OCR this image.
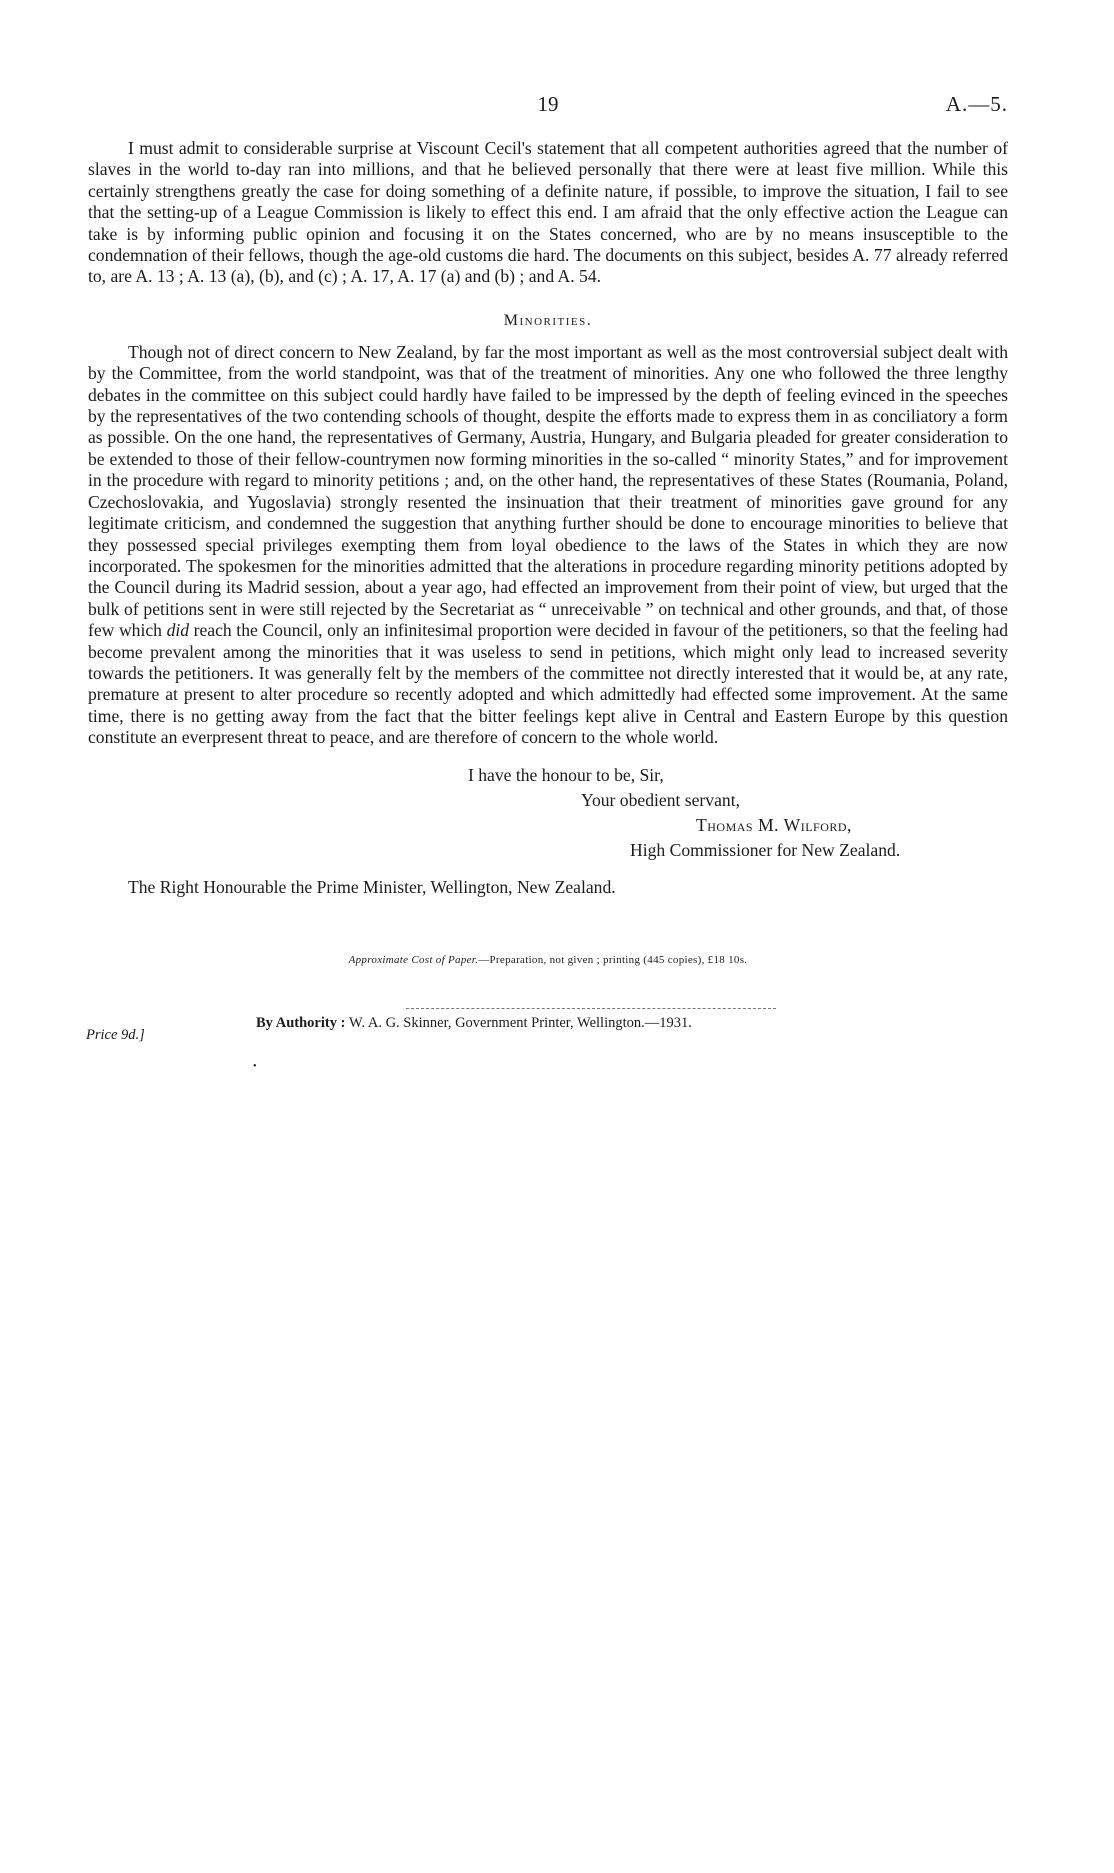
19	A.—5.

I must admit to considerable surprise at Viscount Cecil's statement that all competent authorities agreed that the number of slaves in the world to-day ran into millions, and that he believed personally that there were at least five million. While this certainly strengthens greatly the case for doing something of a definite nature, if possible, to improve the situation, I fail to see that the setting-up of a League Commission is likely to effect this end. I am afraid that the only effective action the League can take is by informing public opinion and focusing it on the States concerned, who are by no means insusceptible to the condemnation of their fellows, though the age-old customs die hard. The documents on this subject, besides A. 77 already referred to, are A. 13 ; A. 13 (a), (b), and (c) ; A. 17, A. 17 (a) and (b) ; and A. 54.

Minorities.

Though not of direct concern to New Zealand, by far the most important as well as the most controversial subject dealt with by the Committee, from the world standpoint, was that of the treatment of minorities. Any one who followed the three lengthy debates in the committee on this subject could hardly have failed to be impressed by the depth of feeling evinced in the speeches by the representatives of the two contending schools of thought, despite the efforts made to express them in as conciliatory a form as possible. On the one hand, the representatives of Germany, Austria, Hungary, and Bulgaria pleaded for greater consideration to be extended to those of their fellow-countrymen now forming minorities in the so-called “ minority States,” and for improvement in the procedure with regard to minority petitions ; and, on the other hand, the representatives of these States (Roumania, Poland, Czechoslovakia, and Yugoslavia) strongly resented the insinuation that their treatment of minorities gave ground for any legitimate criticism, and condemned the suggestion that anything further should be done to encourage minorities to believe that they possessed special privileges exempting them from loyal obedience to the laws of the States in which they are now incorporated. The spokesmen for the minorities admitted that the alterations in procedure regarding minority petitions adopted by the Council during its Madrid session, about a year ago, had effected an improvement from their point of view, but urged that the bulk of petitions sent in were still rejected by the Secretariat as “ unreceivable ” on technical and other grounds, and that, of those few which did reach the Council, only an infinitesimal proportion were decided in favour of the petitioners, so that the feeling had become prevalent among the minorities that it was useless to send in petitions, which might only lead to increased severity towards the petitioners. It was generally felt by the members of the committee not directly interested that it would be, at any rate, premature at present to alter procedure so recently adopted and which admittedly had effected some improvement. At the same time, there is no getting away from the fact that the bitter feelings kept alive in Central and Eastern Europe by this question constitute an everpresent threat to peace, and are therefore of concern to the whole world.

I have the honour to be, Sir,
Your obedient servant,
Thomas M. Wilford,
High Commissioner for New Zealand.
The Right Honourable the Prime Minister, Wellington, New Zealand.
Approximate Cost of Paper.—Preparation, not given ; printing (445 copies), £18 10s.
Price 9d.]
By Authority : W. A. G. Skinner, Government Printer, Wellington.—1931.
•
